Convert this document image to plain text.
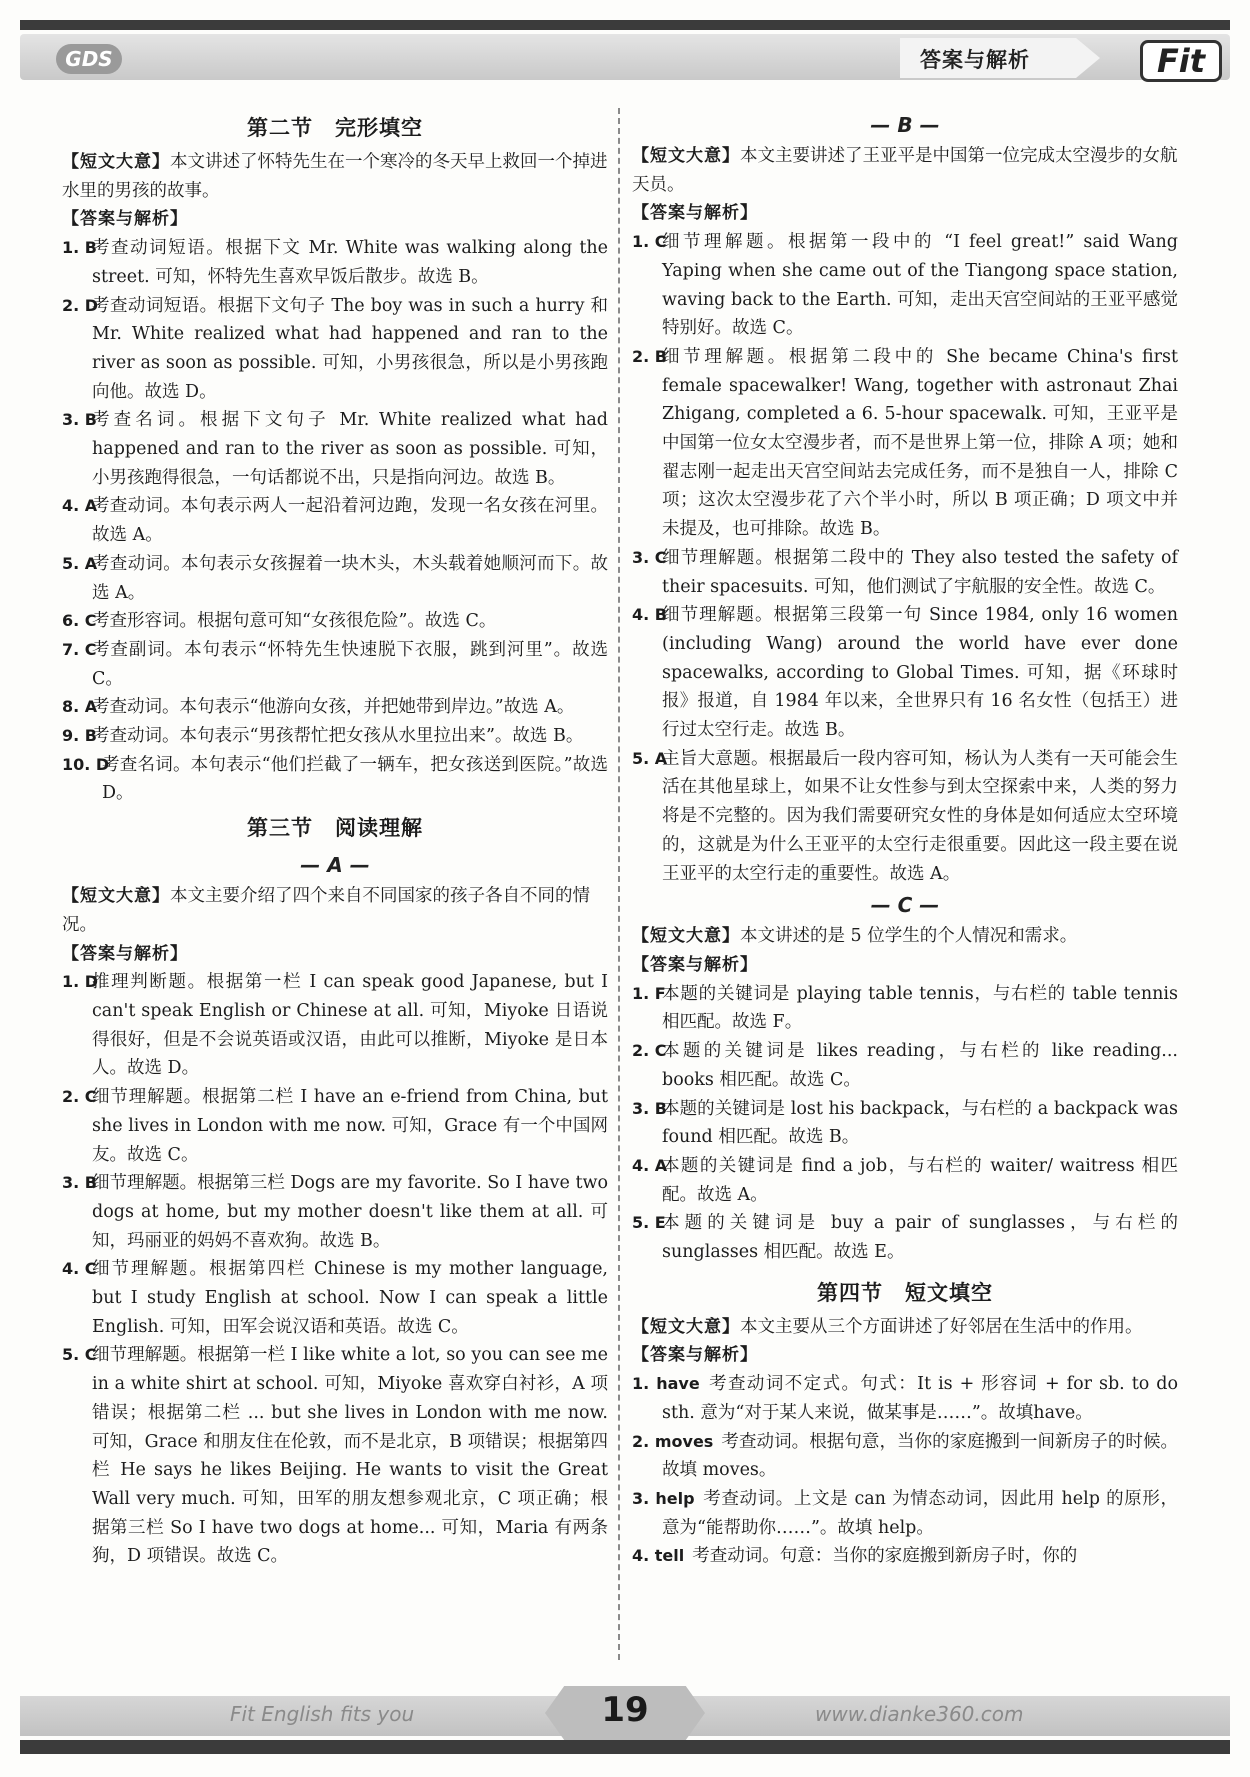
GDS	答案与解析	Fit
第二节　完形填空

【短文大意】本文讲述了怀特先生在一个寒冷的冬天早上救回一个掉进水里的男孩的故事。

【答案与解析】

1. B
考查动词短语。根据下文 Mr. White was walking along the street. 可知，怀特先生喜欢早饭后散步。故选 B。
2. D
考查动词短语。根据下文句子 The boy was in such a hurry 和 Mr. White realized what had happened and ran to the river as soon as possible. 可知，小男孩很急，所以是小男孩跑向他。故选 D。
3. B
考查名词。根据下文句子 Mr. White realized what had happened and ran to the river as soon as possible. 可知，小男孩跑得很急，一句话都说不出，只是指向河边。故选 B。
4. A
考查动词。本句表示两人一起沿着河边跑，发现一名女孩在河里。故选 A。
5. A
考查动词。本句表示女孩握着一块木头，木头载着她顺河而下。故选 A。
6. C
考查形容词。根据句意可知“女孩很危险”。故选 C。
7. C
考查副词。本句表示“怀特先生快速脱下衣服，跳到河里”。故选 C。
8. A
考查动词。本句表示“他游向女孩，并把她带到岸边。”故选 A。
9. B
考查动词。本句表示“男孩帮忙把女孩从水里拉出来”。故选 B。
10. D
考查名词。本句表示“他们拦截了一辆车，把女孩送到医院。”故选 D。
第三节　阅读理解
— A —

【短文大意】本文主要介绍了四个来自不同国家的孩子各自不同的情况。

【答案与解析】

1. D
推理判断题。根据第一栏 I can speak good Japanese, but I can't speak English or Chinese at all. 可知，Miyoke 日语说得很好，但是不会说英语或汉语，由此可以推断，Miyoke 是日本人。故选 D。
2. C
细节理解题。根据第二栏 I have an e-friend from China, but she lives in London with me now. 可知，Grace 有一个中国网友。故选 C。
3. B
细节理解题。根据第三栏 Dogs are my favorite. So I have two dogs at home, but my mother doesn't like them at all. 可知，玛丽亚的妈妈不喜欢狗。故选 B。
4. C
细节理解题。根据第四栏 Chinese is my mother language, but I study English at school. Now I can speak a little English. 可知，田军会说汉语和英语。故选 C。
5. C
细节理解题。根据第一栏 I like white a lot, so you can see me in a white shirt at school. 可知，Miyoke 喜欢穿白衬衫，A 项错误；根据第二栏 ... but she lives in London with me now. 可知，Grace 和朋友住在伦敦，而不是北京，B 项错误；根据第四栏 He says he likes Beijing. He wants to visit the Great Wall very much. 可知，田军的朋友想参观北京，C 项正确；根据第三栏 So I have two dogs at home... 可知，Maria 有两条狗，D 项错误。故选 C。
— B —

【短文大意】本文主要讲述了王亚平是中国第一位完成太空漫步的女航天员。

【答案与解析】

1. C
细节理解题。根据第一段中的 “I feel great!” said Wang Yaping when she came out of the Tiangong space station, waving back to the Earth. 可知，走出天宫空间站的王亚平感觉特别好。故选 C。
2. B
细节理解题。根据第二段中的 She became China's first female spacewalker! Wang, together with astronaut Zhai Zhigang, completed a 6. 5-hour spacewalk. 可知，王亚平是中国第一位女太空漫步者，而不是世界上第一位，排除 A 项；她和翟志刚一起走出天宫空间站去完成任务，而不是独自一人，排除 C 项；这次太空漫步花了六个半小时，所以 B 项正确；D 项文中并未提及，也可排除。故选 B。
3. C
细节理解题。根据第二段中的 They also tested the safety of their spacesuits. 可知，他们测试了宇航服的安全性。故选 C。
4. B
细节理解题。根据第三段第一句 Since 1984, only 16 women (including Wang) around the world have ever done spacewalks, according to Global Times. 可知，据《环球时报》报道，自 1984 年以来，全世界只有 16 名女性（包括王）进行过太空行走。故选 B。
5. A
主旨大意题。根据最后一段内容可知，杨认为人类有一天可能会生活在其他星球上，如果不让女性参与到太空探索中来，人类的努力将是不完整的。因为我们需要研究女性的身体是如何适应太空环境的，这就是为什么王亚平的太空行走很重要。因此这一段主要在说王亚平的太空行走的重要性。故选 A。
— C —

【短文大意】本文讲述的是 5 位学生的个人情况和需求。

【答案与解析】

1. F
本题的关键词是 playing table tennis，与右栏的 table tennis 相匹配。故选 F。
2. C
本题的关键词是 likes reading，与右栏的 like reading... books 相匹配。故选 C。
3. B
本题的关键词是 lost his backpack，与右栏的 a backpack was found 相匹配。故选 B。
4. A
本题的关键词是 find a job，与右栏的 waiter/ waitress 相匹配。故选 A。
5. E
本题的关键词是 buy a pair of sunglasses，与右栏的 sunglasses 相匹配。故选 E。
第四节　短文填空

【短文大意】本文主要从三个方面讲述了好邻居在生活中的作用。

【答案与解析】

1. have 考查动词不定式。句式：It is + 形容词 + for sb. to do sth. 意为“对于某人来说，做某事是……”。故填have。
2. moves 考查动词。根据句意，当你的家庭搬到一间新房子的时候。故填 moves。
3. help 考查动词。上文是 can 为情态动词，因此用 help 的原形，意为“能帮助你……”。故填 help。
4. tell 考查动词。句意：当你的家庭搬到新房子时，你的
Fit English fits you	19	www.dianke360.com
